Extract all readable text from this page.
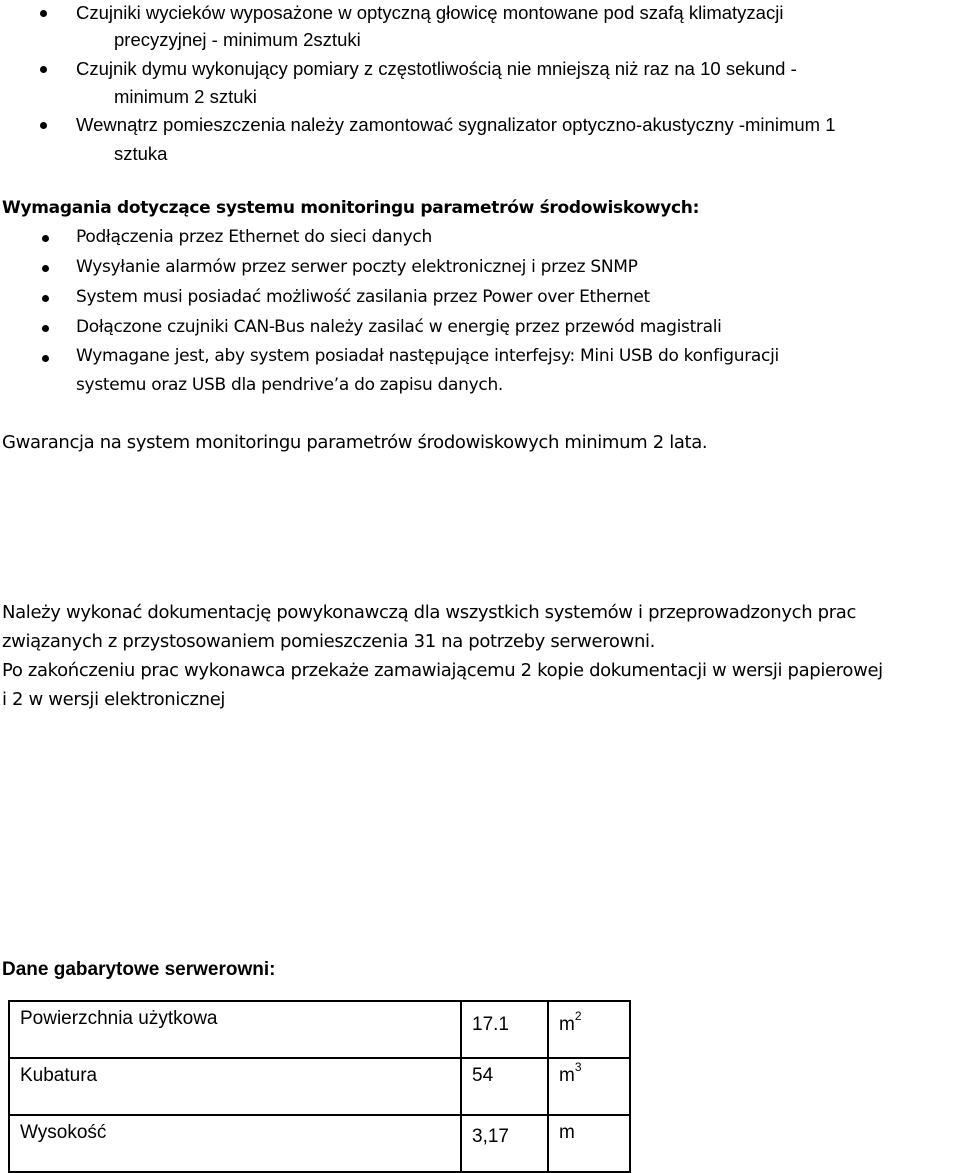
Czujniki wycieków wyposażone w optyczną głowicę montowane pod szafą klimatyzacji
precyzyjnej - minimum 2sztuki
Czujnik dymu wykonujący pomiary z częstotliwością nie mniejszą niż raz na 10 sekund -
minimum 2 sztuki
Wewnątrz pomieszczenia należy zamontować sygnalizator optyczno-akustyczny -minimum 1
sztuka
Wymagania dotyczące systemu monitoringu parametrów środowiskowych:
Podłączenia przez Ethernet do sieci danych
Wysyłanie alarmów przez serwer poczty elektronicznej i przez SNMP
System musi posiadać możliwość zasilania przez Power over Ethernet
Dołączone czujniki CAN-Bus należy zasilać w energię przez przewód magistrali
Wymagane jest, aby system posiadał następujące interfejsy: Mini USB do konfiguracji
systemu oraz USB dla pendrive’a do zapisu danych.
Gwarancja na system monitoringu parametrów środowiskowych minimum 2 lata.
Należy wykonać dokumentację powykonawczą dla wszystkich systemów i przeprowadzonych prac
związanych z przystosowaniem pomieszczenia 31 na potrzeby serwerowni.
Po zakończeniu prac wykonawca przekaże zamawiającemu 2 kopie dokumentacji w wersji papierowej
i 2 w wersji elektronicznej
Dane gabarytowe serwerowni:
Powierzchnia użytkowa	17.1	$m^2$
Kubatura	54	$m^3$
Wysokość	3,17	m
